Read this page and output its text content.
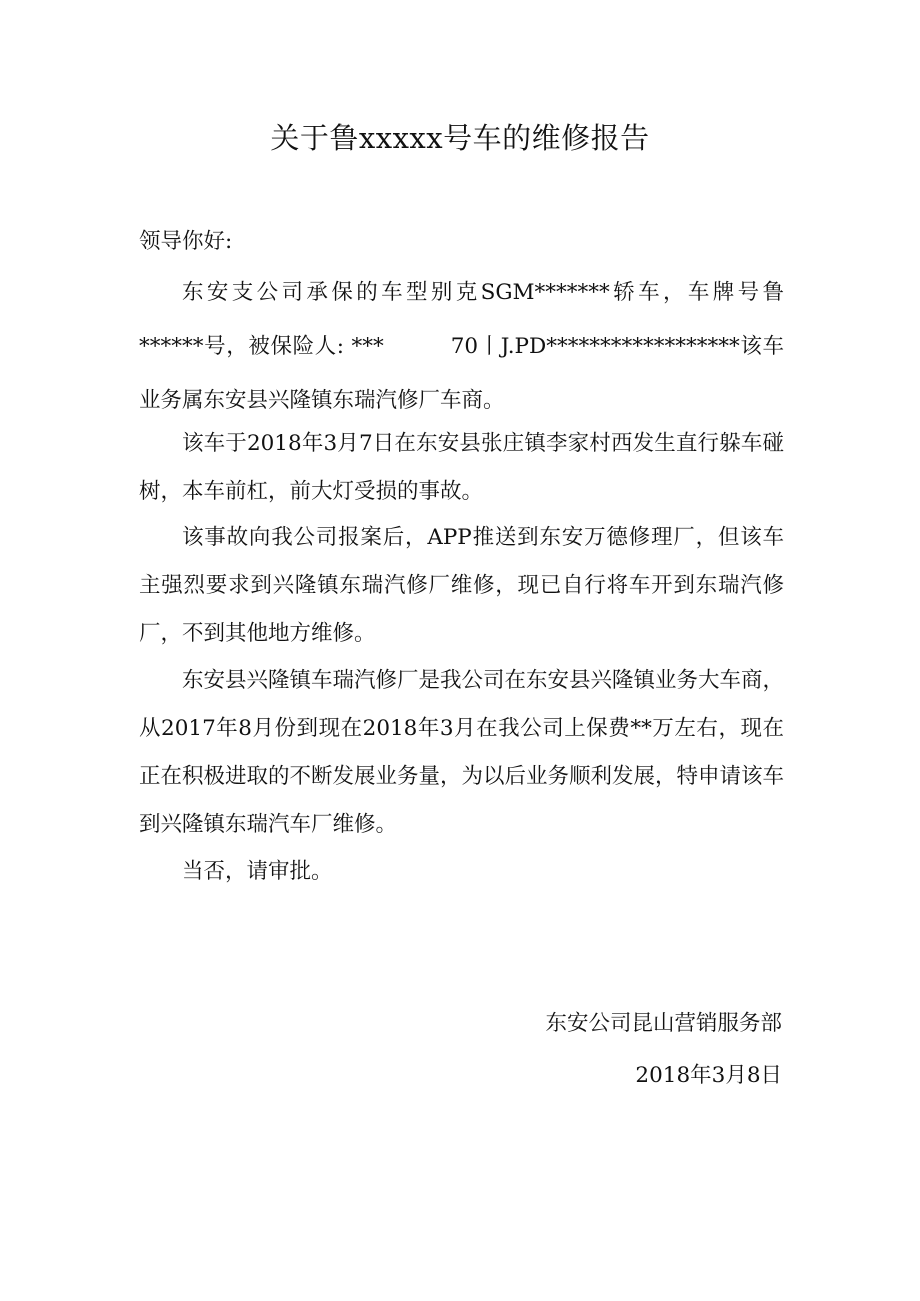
关于鲁xxxxx号车的维修报告
领导你好:

东安支公司承保的车型别克SGM*******轿车，车牌号鲁******号，被保险人: ***　　　70丨J.PD******************该车业务属东安县兴隆镇东瑞汽修厂车商。

该车于2018年3月7日在东安县张庄镇李家村西发生直行躲车碰树，本车前杠，前大灯受损的事故。

该事故向我公司报案后，APP推送到东安万德修理厂，但该车主强烈要求到兴隆镇东瑞汽修厂维修，现已自行将车开到东瑞汽修厂，不到其他地方维修。

东安县兴隆镇车瑞汽修厂是我公司在东安县兴隆镇业务大车商，从2017年8月份到现在2018年3月在我公司上保费**万左右，现在正在积极进取的不断发展业务量，为以后业务顺利发展，特申请该车到兴隆镇东瑞汽车厂维修。

当否，请审批。

东安公司昆山营销服务部
2018年3月8日
